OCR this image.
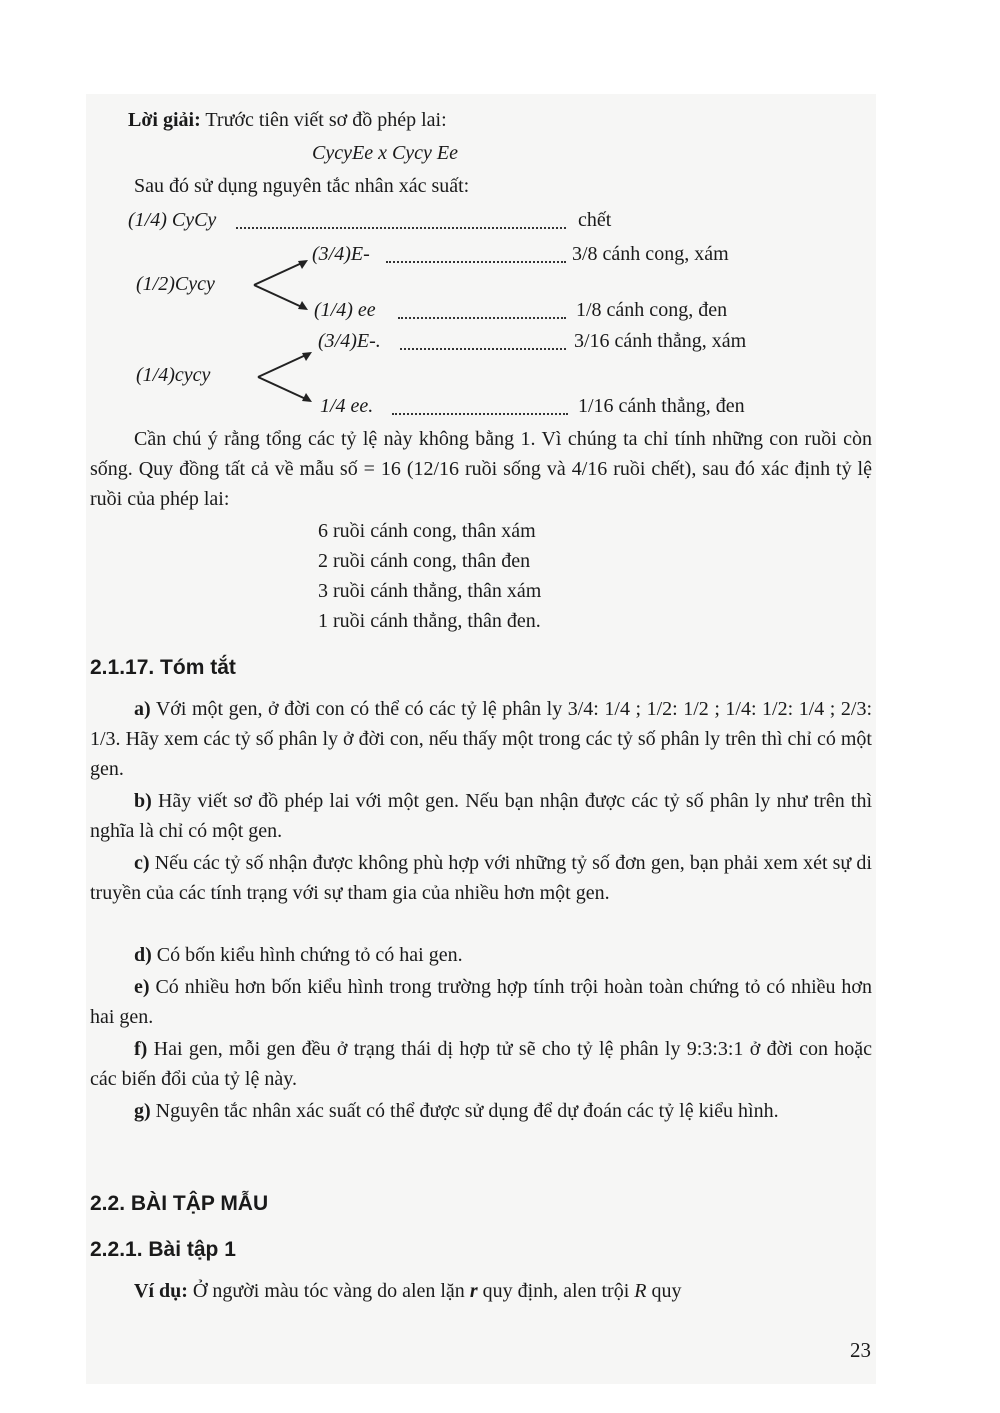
Lời giải: Trước tiên viết sơ đồ phép lai:
CycyEe x Cycy Ee
Sau đó sử dụng nguyên tắc nhân xác suất:
(1/4) CyCy	chết
(3/4)E-	3/8 cánh cong, xám
(1/2)Cycy
(1/4) ee	1/8 cánh cong, đen
(3/4)E-.	3/16 cánh thẳng, xám
(1/4)cycy
1/4 ee.	1/16 cánh thẳng, đen
Cần chú ý rằng tổng các tỷ lệ này không bằng 1. Vì chúng ta chỉ tính những con ruồi còn sống. Quy đồng tất cả về mẫu số = 16 (12/16 ruồi sống và 4/16 ruồi chết), sau đó xác định tỷ lệ ruồi của phép lai:
6 ruồi cánh cong, thân xám
2 ruồi cánh cong, thân đen
3 ruồi cánh thẳng, thân xám
1 ruồi cánh thẳng, thân đen.
2.1.17. Tóm tắt
a) Với một gen, ở đời con có thể có các tỷ lệ phân ly 3/4: 1/4 ; 1/2: 1/2 ; 1/4: 1/2: 1/4 ; 2/3: 1/3. Hãy xem các tỷ số phân ly ở đời con, nếu thấy một trong các tỷ số phân ly trên thì chỉ có một gen.
b) Hãy viết sơ đồ phép lai với một gen. Nếu bạn nhận được các tỷ số phân ly như trên thì nghĩa là chỉ có một gen.
c) Nếu các tỷ số nhận được không phù hợp với những tỷ số đơn gen, bạn phải xem xét sự di truyền của các tính trạng với sự tham gia của nhiều hơn một gen.
d) Có bốn kiểu hình chứng tỏ có hai gen.
e) Có nhiều hơn bốn kiểu hình trong trường hợp tính trội hoàn toàn chứng tỏ có nhiều hơn hai gen.
f) Hai gen, mỗi gen đều ở trạng thái dị hợp tử sẽ cho tỷ lệ phân ly 9:3:3:1 ở đời con hoặc các biến đổi của tỷ lệ này.
g) Nguyên tắc nhân xác suất có thể được sử dụng để dự đoán các tỷ lệ kiểu hình.
2.2. BÀI TẬP MẪU
2.2.1. Bài tập 1
Ví dụ: Ở người màu tóc vàng do alen lặn r quy định, alen trội R quy
23
